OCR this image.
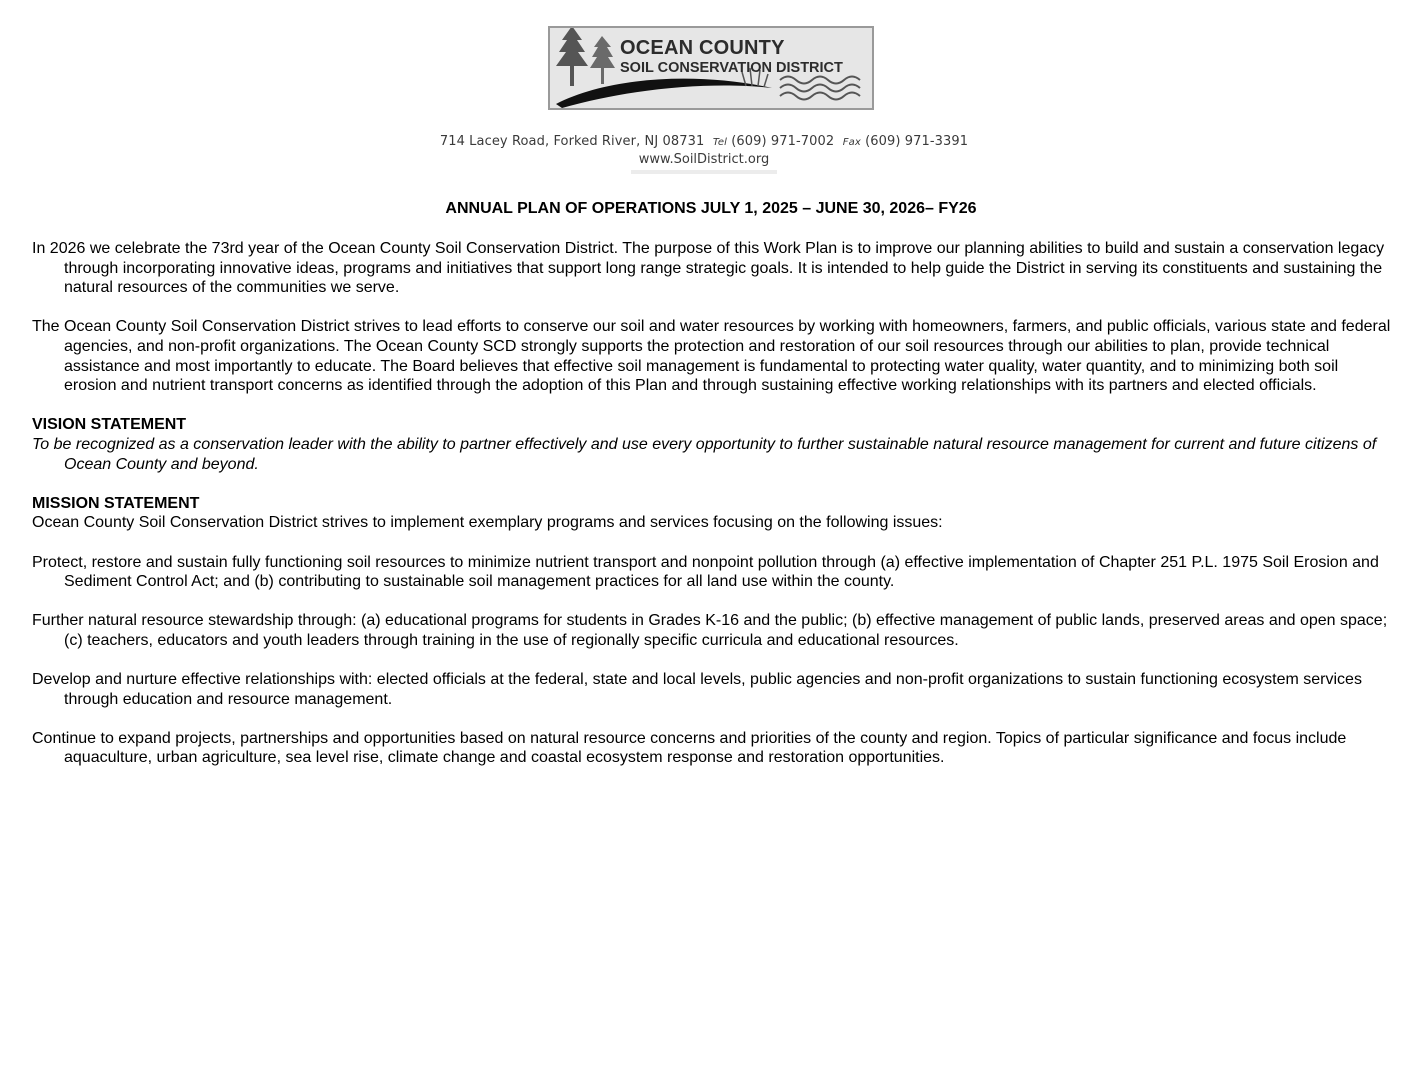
OCEAN COUNTY
SOIL CONSERVATION DISTRICT
714 Lacey Road, Forked River, NJ 08731 Tel (609) 971-7002 Fax (609) 971-3391
www.SoilDistrict.org
ANNUAL PLAN OF OPERATIONS JULY 1, 2025 – JUNE 30, 2026– FY26

In 2026 we celebrate the 73rd year of the Ocean County Soil Conservation District. The purpose of this Work Plan is to improve our planning abilities to build and sustain a conservation legacy through incorporating innovative ideas, programs and initiatives that support long range strategic goals. It is intended to help guide the District in serving its constituents and sustaining the natural resources of the communities we serve.

The Ocean County Soil Conservation District strives to lead efforts to conserve our soil and water resources by working with homeowners, farmers, and public officials, various state and federal agencies, and non-profit organizations. The Ocean County SCD strongly supports the protection and restoration of our soil resources through our abilities to plan, provide technical assistance and most importantly to educate. The Board believes that effective soil management is fundamental to protecting water quality, water quantity, and to minimizing both soil erosion and nutrient transport concerns as identified through the adoption of this Plan and through sustaining effective working relationships with its partners and elected officials.

VISION STATEMENT

To be recognized as a conservation leader with the ability to partner effectively and use every opportunity to further sustainable natural resource management for current and future citizens of Ocean County and beyond.

MISSION STATEMENT

Ocean County Soil Conservation District strives to implement exemplary programs and services focusing on the following issues:

Protect, restore and sustain fully functioning soil resources to minimize nutrient transport and nonpoint pollution through (a) effective implementation of Chapter 251 P.L. 1975 Soil Erosion and Sediment Control Act; and (b) contributing to sustainable soil management practices for all land use within the county.

Further natural resource stewardship through: (a) educational programs for students in Grades K-16 and the public; (b) effective management of public lands, preserved areas and open space; (c) teachers, educators and youth leaders through training in the use of regionally specific curricula and educational resources.

Develop and nurture effective relationships with: elected officials at the federal, state and local levels, public agencies and non-profit organizations to sustain functioning ecosystem services through education and resource management.

Continue to expand projects, partnerships and opportunities based on natural resource concerns and priorities of the county and region. Topics of particular significance and focus include aquaculture, urban agriculture, sea level rise, climate change and coastal ecosystem response and restoration opportunities.
